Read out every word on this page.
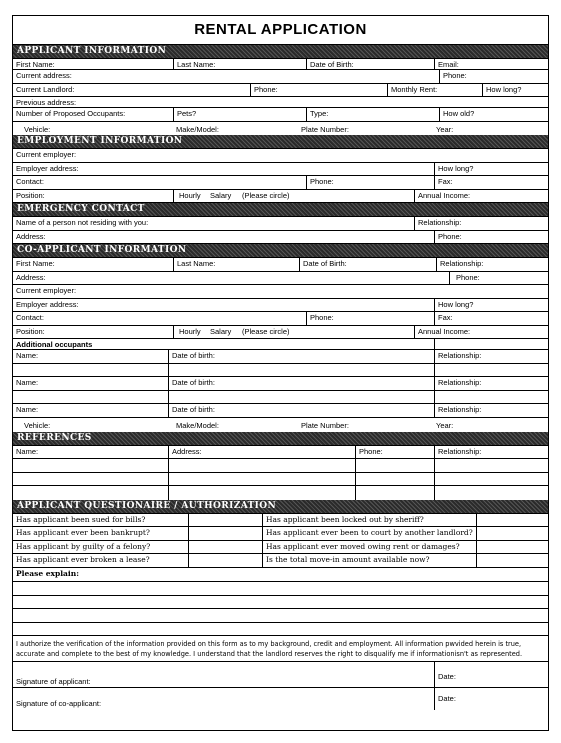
RENTAL APPLICATION
APPLICANT INFORMATION
First Name:	Last Name:	Date of Birth:	Email:
Current address:	Phone:
Current Landlord:	Phone:	Monthly Rent:	How long?
Previous address:
Number of Proposed Occupants:	Pets?	Type:	How old?
Vehicle:	Make/Model:	Plate Number:	Year:
EMPLOYMENT INFORMATION
Current employer:
Employer address:	How long?
Contact:	Phone:	Fax:
Position:	Hourly	Salary	(Please circle)	Annual Income:
EMERGENCY CONTACT
Name of a person not residing with you:	Relationship:
Address:	Phone:
CO-APPLICANT INFORMATION
First Name:	Last Name:	Date of Birth:	Relationship:
Address:	Phone:
Current employer:
Employer address:	How long?
Contact:	Phone:	Fax:
Position:	Hourly	Salary	(Please circle)	Annual Income:
Additional occupants
Name:	Date of birth:	Relationship:
Name:	Date of birth:	Relationship:
Name:	Date of birth:	Relationship:
Vehicle:	Make/Model:	Plate Number:	Year:
REFERENCES
Name:	Address:	Phone:	Relationship:
APPLICANT QUESTIONAIRE / AUTHORIZATION
Has applicant been sued for bills?	Has applicant been locked out by sheriff?
Has applicant ever been bankrupt?	Has applicant ever been to court by another landlord?
Has applicant by guilty of a felony?	Has applicant ever moved owing rent or damages?
Has applicant ever broken a lease?	Is the total move-in amount available now?
Please explain:
I authorize the verification of the information provided on this form as to my background, credit and employment. All information pwvided herein is true, accurate and complete to the best of my knowledge. I understand that the landlord reserves the right to disqualify me if informationisn't as represented.
Signature of applicant:
Date:
Signature of co-applicant:
Date:
